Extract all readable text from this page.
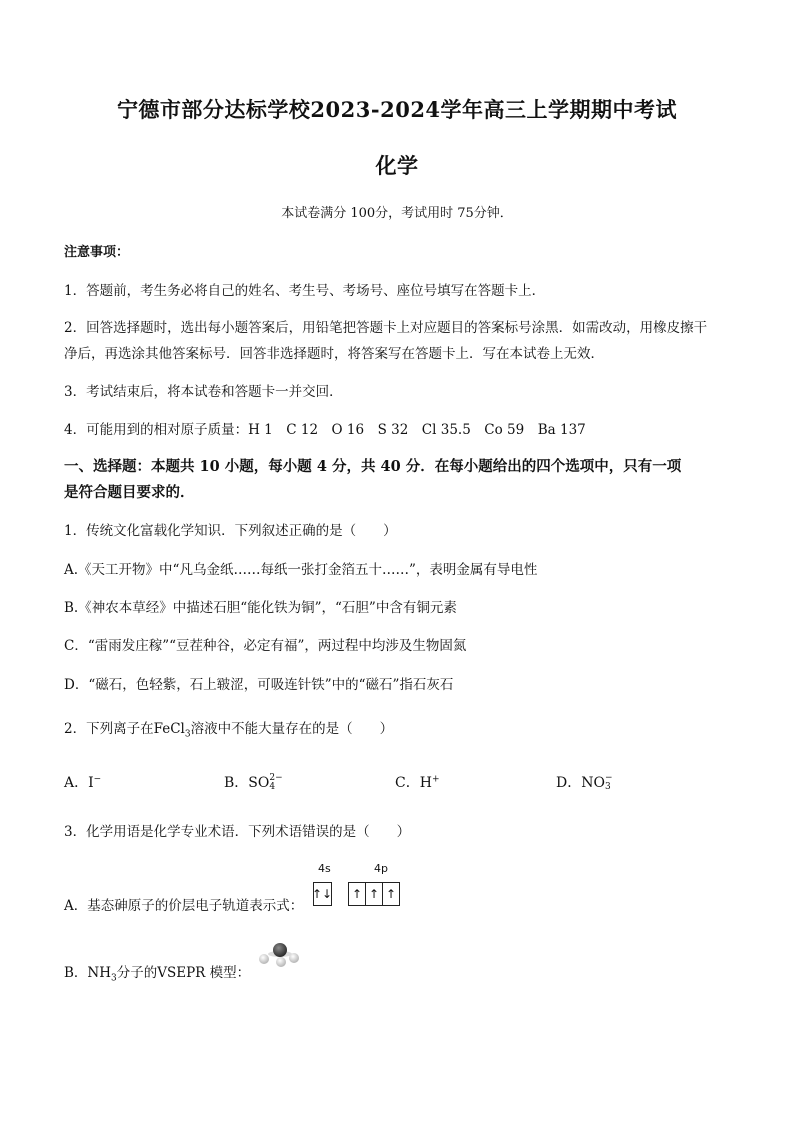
宁德市部分达标学校2023-2024学年高三上学期期中考试
化学
本试卷满分 100分，考试用时 75分钟．
注意事项：
1．答题前，考生务必将自己的姓名、考生号、考场号、座位号填写在答题卡上．
2．回答选择题时，选出每小题答案后，用铅笔把答题卡上对应题目的答案标号涂黑．如需改动，用橡皮擦干
净后，再选涂其他答案标号．回答非选择题时，将答案写在答题卡上．写在本试卷上无效．
3．考试结束后，将本试卷和答题卡一并交回．
4．可能用到的相对原子质量：H 1　C 12　O 16　S 32　Cl 35.5　Co 59　Ba 137
一、选择题：本题共 10 小题，每小题 4 分，共 40 分．在每小题给出的四个选项中，只有一项
是符合题目要求的．
1．传统文化富载化学知识．下列叙述正确的是（　　）
A.《天工开物》中“凡乌金纸……每纸一张打金箔五十……”，表明金属有导电性
B.《神农本草经》中描述石胆“能化铁为铜”，“石胆”中含有铜元素
C．“雷雨发庄稼”“豆茬种谷，必定有福”，两过程中均涉及生物固氮
D．“磁石，色轻紫，石上皲涩，可吸连针铁”中的“磁石”指石灰石
2．下列离子在FeCl$_3$溶液中不能大量存在的是（　　）
A．I−	B．SO 2−
4	C．H+	D．NO −
3
3．化学用语是化学专业术语．下列术语错误的是（　　）
A．基态砷原子的价层电子轨道表示式：
4s	4p
↑↓ ↑ ↑ ↑
B．$NH_3$分子的VSEPR 模型：
